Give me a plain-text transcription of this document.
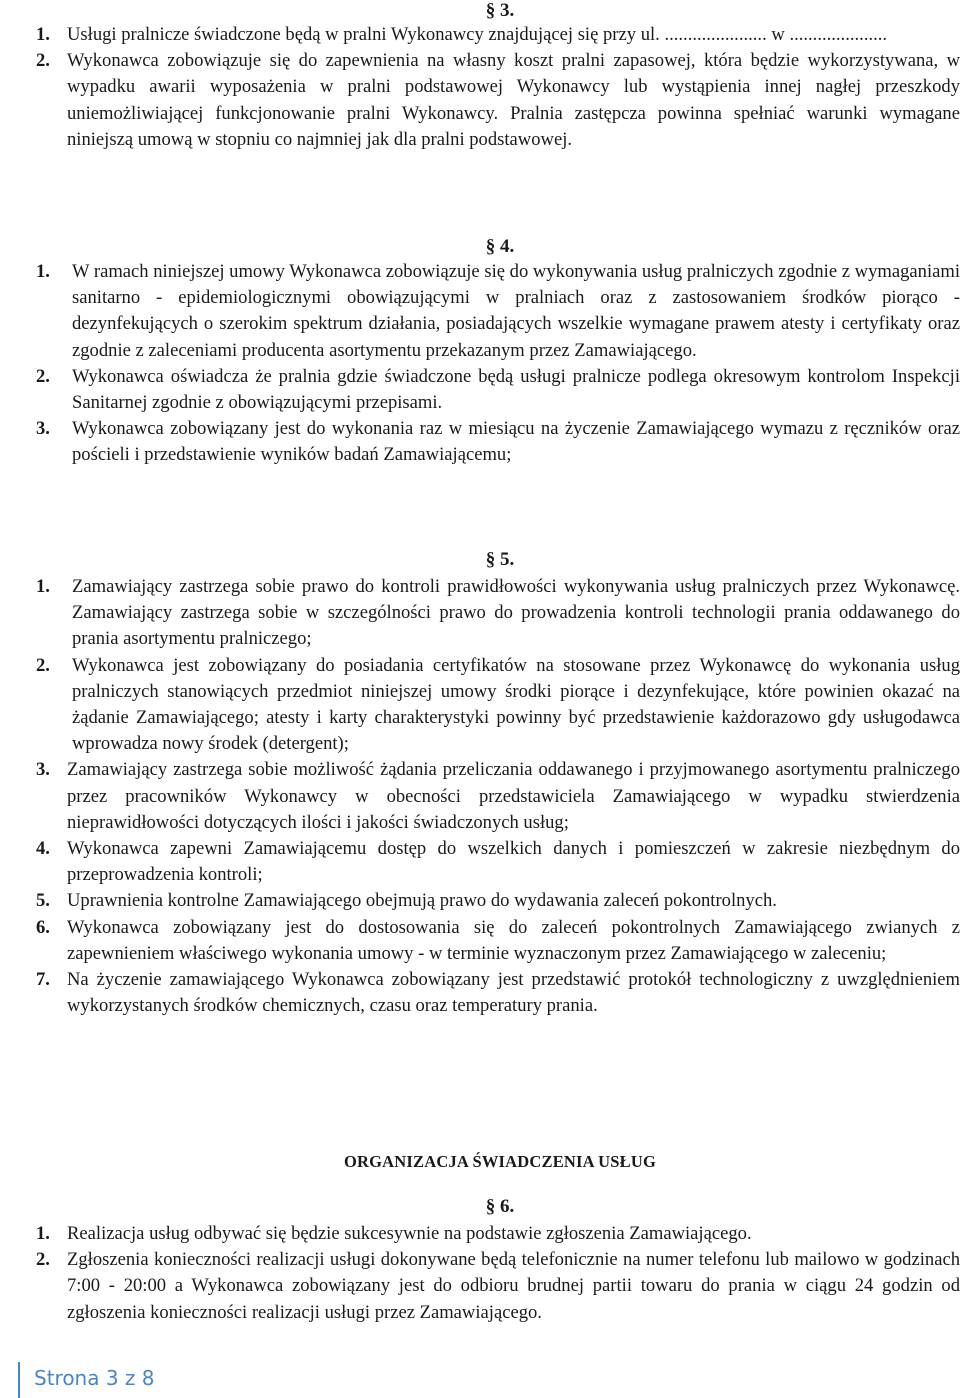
§ 3.
1. Usługi pralnicze świadczone będą w pralni Wykonawcy znajdującej się przy ul. ...................... w .....................
2. Wykonawca zobowiązuje się do zapewnienia na własny koszt pralni zapasowej, która będzie wykorzystywana, w wypadku awarii wyposażenia w pralni podstawowej Wykonawcy lub wystąpienia innej nagłej przeszkody uniemożliwiającej funkcjonowanie pralni Wykonawcy. Pralnia zastępcza powinna spełniać warunki wymagane niniejszą umową w stopniu co najmniej jak dla pralni podstawowej.
§ 4.
1.	W ramach niniejszej umowy Wykonawca zobowiązuje się do wykonywania usług pralniczych zgodnie z wymaganiami sanitarno - epidemiologicznymi obowiązującymi w pralniach oraz z zastosowaniem środków piorąco - dezynfekujących o szerokim spektrum działania, posiadających wszelkie wymagane prawem atesty i certyfikaty oraz zgodnie z zaleceniami producenta asortymentu przekazanym przez Zamawiającego.
2.	Wykonawca oświadcza że pralnia gdzie świadczone będą usługi pralnicze podlega okresowym kontrolom Inspekcji Sanitarnej zgodnie z obowiązującymi przepisami.
3.	Wykonawca zobowiązany jest do wykonania raz w miesiącu na życzenie Zamawiającego wymazu z ręczników oraz pościeli i przedstawienie wyników badań Zamawiającemu;
§ 5.
1.	Zamawiający zastrzega sobie prawo do kontroli prawidłowości wykonywania usług pralniczych przez Wykonawcę. Zamawiający zastrzega sobie w szczególności prawo do prowadzenia kontroli technologii prania oddawanego do prania asortymentu pralniczego;
2.	Wykonawca jest zobowiązany do posiadania certyfikatów na stosowane przez Wykonawcę do wykonania usług pralniczych stanowiących przedmiot niniejszej umowy środki piorące i dezynfekujące, które powinien okazać na żądanie Zamawiającego; atesty i karty charakterystyki powinny być przedstawienie każdorazowo gdy usługodawca wprowadza nowy środek (detergent);
3. Zamawiający zastrzega sobie możliwość żądania przeliczania oddawanego i przyjmowanego asortymentu pralniczego przez pracowników Wykonawcy w obecności przedstawiciela Zamawiającego w wypadku stwierdzenia nieprawidłowości dotyczących ilości i jakości świadczonych usług;
4. Wykonawca zapewni Zamawiającemu dostęp do wszelkich danych i pomieszczeń w zakresie niezbędnym do przeprowadzenia kontroli;
5. Uprawnienia kontrolne Zamawiającego obejmują prawo do wydawania zaleceń pokontrolnych.
6. Wykonawca zobowiązany jest do dostosowania się do zaleceń pokontrolnych Zamawiającego zwianych z zapewnieniem właściwego wykonania umowy - w terminie wyznaczonym przez Zamawiającego w zaleceniu;
7. Na życzenie zamawiającego Wykonawca zobowiązany jest przedstawić protokół technologiczny z uwzględnieniem wykorzystanych środków chemicznych, czasu oraz temperatury prania.
ORGANIZACJA ŚWIADCZENIA USŁUG
§ 6.
1. Realizacja usług odbywać się będzie sukcesywnie na podstawie zgłoszenia Zamawiającego.
2. Zgłoszenia konieczności realizacji usługi dokonywane będą telefonicznie na numer telefonu lub mailowo w godzinach 7:00 - 20:00 a Wykonawca zobowiązany jest do odbioru brudnej partii towaru do prania w ciągu 24 godzin od zgłoszenia konieczności realizacji usługi przez Zamawiającego.
Strona 3 z 8
